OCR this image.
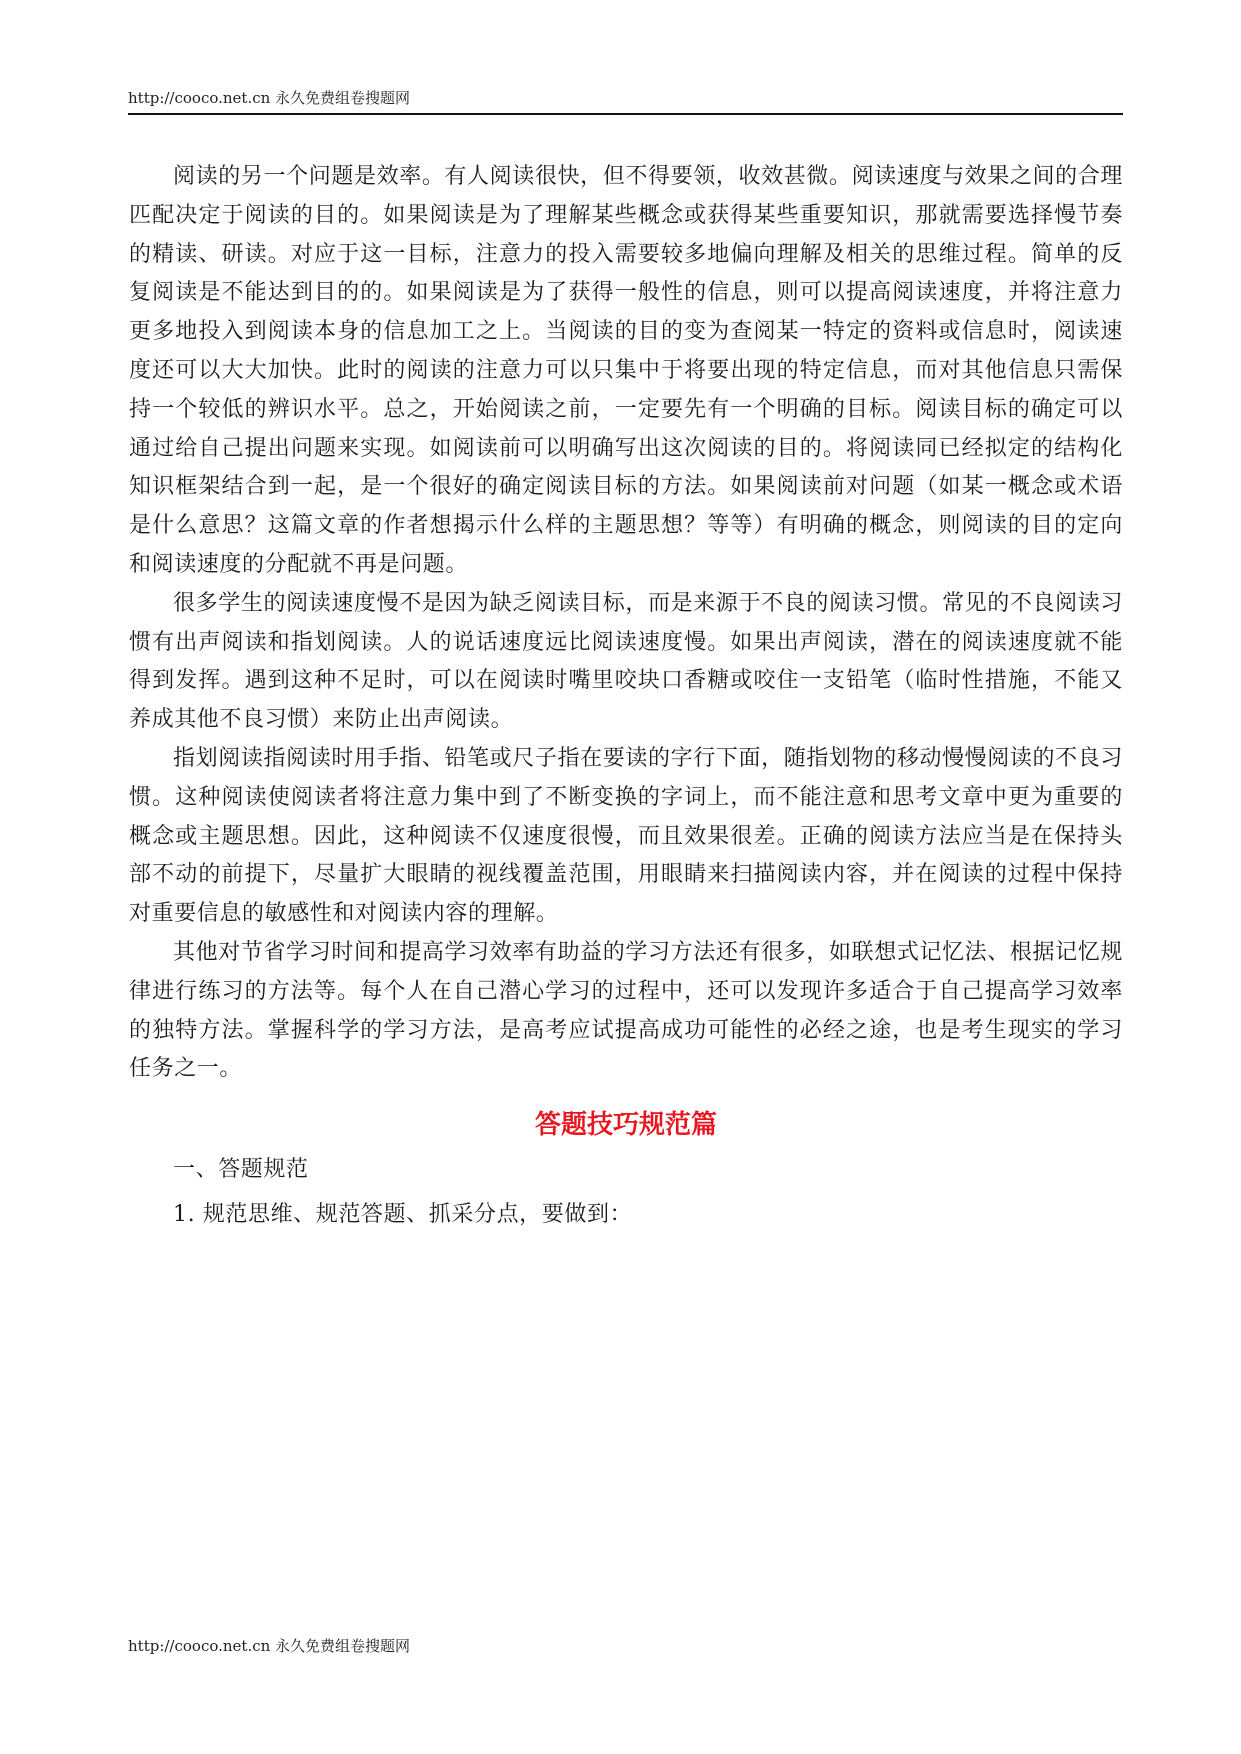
http://cooco.net.cn 永久免费组卷搜题网

阅读的另一个问题是效率。有人阅读很快，但不得要领，收效甚微。阅读速度与效果之间的合理匹配决定于阅读的目的。如果阅读是为了理解某些概念或获得某些重要知识，那就需要选择慢节奏的精读、研读。对应于这一目标，注意力的投入需要较多地偏向理解及相关的思维过程。简单的反复阅读是不能达到目的的。如果阅读是为了获得一般性的信息，则可以提高阅读速度，并将注意力更多地投入到阅读本身的信息加工之上。当阅读的目的变为查阅某一特定的资料或信息时，阅读速度还可以大大加快。此时的阅读的注意力可以只集中于将要出现的特定信息，而对其他信息只需保持一个较低的辨识水平。总之，开始阅读之前，一定要先有一个明确的目标。阅读目标的确定可以通过给自己提出问题来实现。如阅读前可以明确写出这次阅读的目的。将阅读同已经拟定的结构化知识框架结合到一起，是一个很好的确定阅读目标的方法。如果阅读前对问题（如某一概念或术语是什么意思？这篇文章的作者想揭示什么样的主题思想？等等）有明确的概念，则阅读的目的定向和阅读速度的分配就不再是问题。

很多学生的阅读速度慢不是因为缺乏阅读目标，而是来源于不良的阅读习惯。常见的不良阅读习惯有出声阅读和指划阅读。人的说话速度远比阅读速度慢。如果出声阅读，潜在的阅读速度就不能得到发挥。遇到这种不足时，可以在阅读时嘴里咬块口香糖或咬住一支铅笔（临时性措施，不能又养成其他不良习惯）来防止出声阅读。

指划阅读指阅读时用手指、铅笔或尺子指在要读的字行下面，随指划物的移动慢慢阅读的不良习惯。这种阅读使阅读者将注意力集中到了不断变换的字词上，而不能注意和思考文章中更为重要的概念或主题思想。因此，这种阅读不仅速度很慢，而且效果很差。正确的阅读方法应当是在保持头部不动的前提下，尽量扩大眼睛的视线覆盖范围，用眼睛来扫描阅读内容，并在阅读的过程中保持对重要信息的敏感性和对阅读内容的理解。

其他对节省学习时间和提高学习效率有助益的学习方法还有很多，如联想式记忆法、根据记忆规律进行练习的方法等。每个人在自己潜心学习的过程中，还可以发现许多适合于自己提高学习效率的独特方法。掌握科学的学习方法，是高考应试提高成功可能性的必经之途，也是考生现实的学习任务之一。

答题技巧规范篇

一、答题规范

1. 规范思维、规范答题、抓采分点，要做到：

http://cooco.net.cn 永久免费组卷搜题网
